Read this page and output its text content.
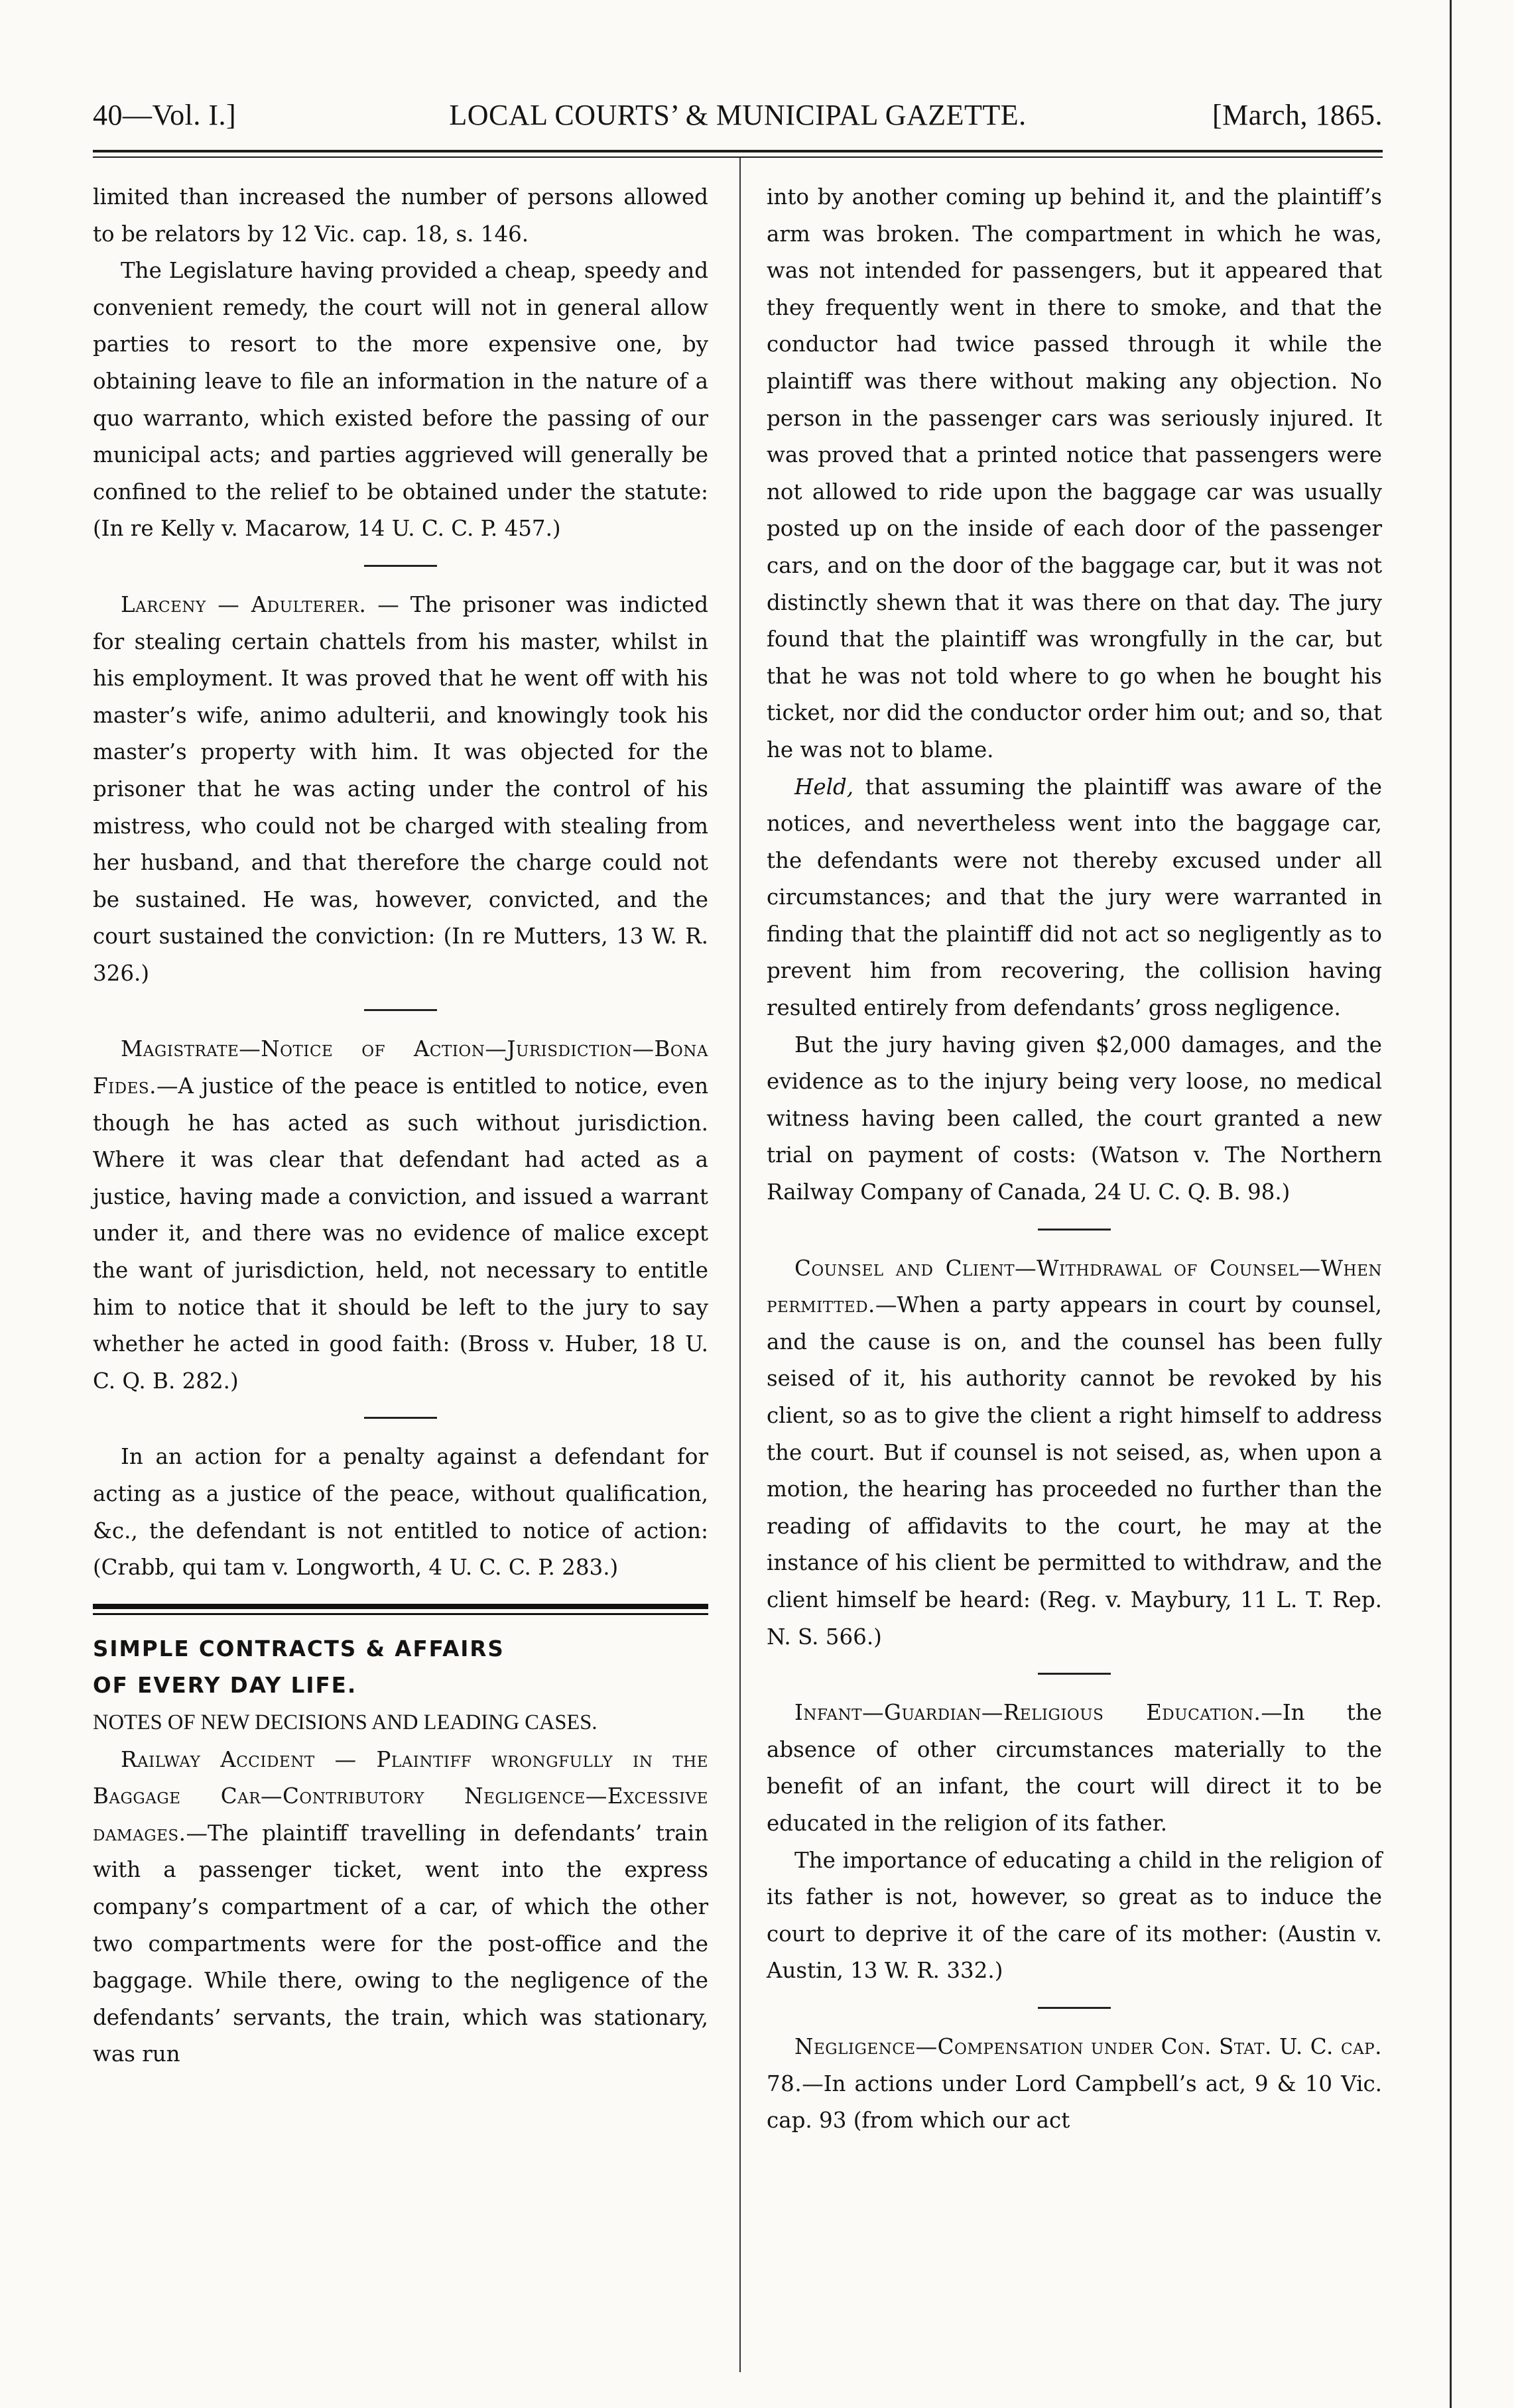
40—Vol. I.]	LOCAL COURTS’ & MUNICIPAL GAZETTE.	[March, 1865.

limited than increased the number of persons allowed to be relators by 12 Vic. cap. 18, s. 146.

The Legislature having provided a cheap, speedy and convenient remedy, the court will not in general allow parties to resort to the more expensive one, by obtaining leave to file an information in the nature of a quo warranto, which existed before the passing of our municipal acts; and parties aggrieved will generally be confined to the relief to be obtained under the statute: (In re Kelly v. Macarow, 14 U. C. C. P. 457.)

Larceny — Adulterer. — The prisoner was indicted for stealing certain chattels from his master, whilst in his employment. It was proved that he went off with his master’s wife, animo adulterii, and knowingly took his master’s property with him. It was objected for the prisoner that he was acting under the control of his mistress, who could not be charged with stealing from her husband, and that therefore the charge could not be sustained. He was, however, convicted, and the court sustained the conviction: (In re Mutters, 13 W. R. 326.)

Magistrate—Notice of Action—Jurisdiction—Bona Fides.—A justice of the peace is entitled to notice, even though he has acted as such without jurisdiction. Where it was clear that defendant had acted as a justice, having made a conviction, and issued a warrant under it, and there was no evidence of malice except the want of jurisdiction, held, not necessary to entitle him to notice that it should be left to the jury to say whether he acted in good faith: (Bross v. Huber, 18 U. C. Q. B. 282.)

In an action for a penalty against a defendant for acting as a justice of the peace, without qualification, &c., the defendant is not entitled to notice of action: (Crabb, qui tam v. Longworth, 4 U. C. C. P. 283.)

SIMPLE CONTRACTS & AFFAIRS

OF EVERY DAY LIFE.

NOTES OF NEW DECISIONS AND LEADING CASES.

Railway Accident — Plaintiff wrongfully in the Baggage Car—Contributory Negligence—Excessive damages.—The plaintiff travelling in defendants’ train with a passenger ticket, went into the express company’s compartment of a car, of which the other two compartments were for the post-office and the baggage. While there, owing to the negligence of the defendants’ servants, the train, which was stationary, was run

into by another coming up behind it, and the plaintiff’s arm was broken. The compartment in which he was, was not intended for passengers, but it appeared that they frequently went in there to smoke, and that the conductor had twice passed through it while the plaintiff was there without making any objection. No person in the passenger cars was seriously injured. It was proved that a printed notice that passengers were not allowed to ride upon the baggage car was usually posted up on the inside of each door of the passenger cars, and on the door of the baggage car, but it was not distinctly shewn that it was there on that day. The jury found that the plaintiff was wrongfully in the car, but that he was not told where to go when he bought his ticket, nor did the conductor order him out; and so, that he was not to blame.

Held, that assuming the plaintiff was aware of the notices, and nevertheless went into the baggage car, the defendants were not thereby excused under all circumstances; and that the jury were warranted in finding that the plaintiff did not act so negligently as to prevent him from recovering, the collision having resulted entirely from defendants’ gross negligence.

But the jury having given $2,000 damages, and the evidence as to the injury being very loose, no medical witness having been called, the court granted a new trial on payment of costs: (Watson v. The Northern Railway Company of Canada, 24 U. C. Q. B. 98.)

Counsel and Client—Withdrawal of Counsel—When permitted.—When a party appears in court by counsel, and the cause is on, and the counsel has been fully seised of it, his authority cannot be revoked by his client, so as to give the client a right himself to address the court. But if counsel is not seised, as, when upon a motion, the hearing has proceeded no further than the reading of affidavits to the court, he may at the instance of his client be permitted to withdraw, and the client himself be heard: (Reg. v. Maybury, 11 L. T. Rep. N. S. 566.)

Infant—Guardian—Religious Education.—In the absence of other circumstances materially to the benefit of an infant, the court will direct it to be educated in the religion of its father.

The importance of educating a child in the religion of its father is not, however, so great as to induce the court to deprive it of the care of its mother: (Austin v. Austin, 13 W. R. 332.)

Negligence—Compensation under Con. Stat. U. C. cap. 78.—In actions under Lord Campbell’s act, 9 & 10 Vic. cap. 93 (from which our act
